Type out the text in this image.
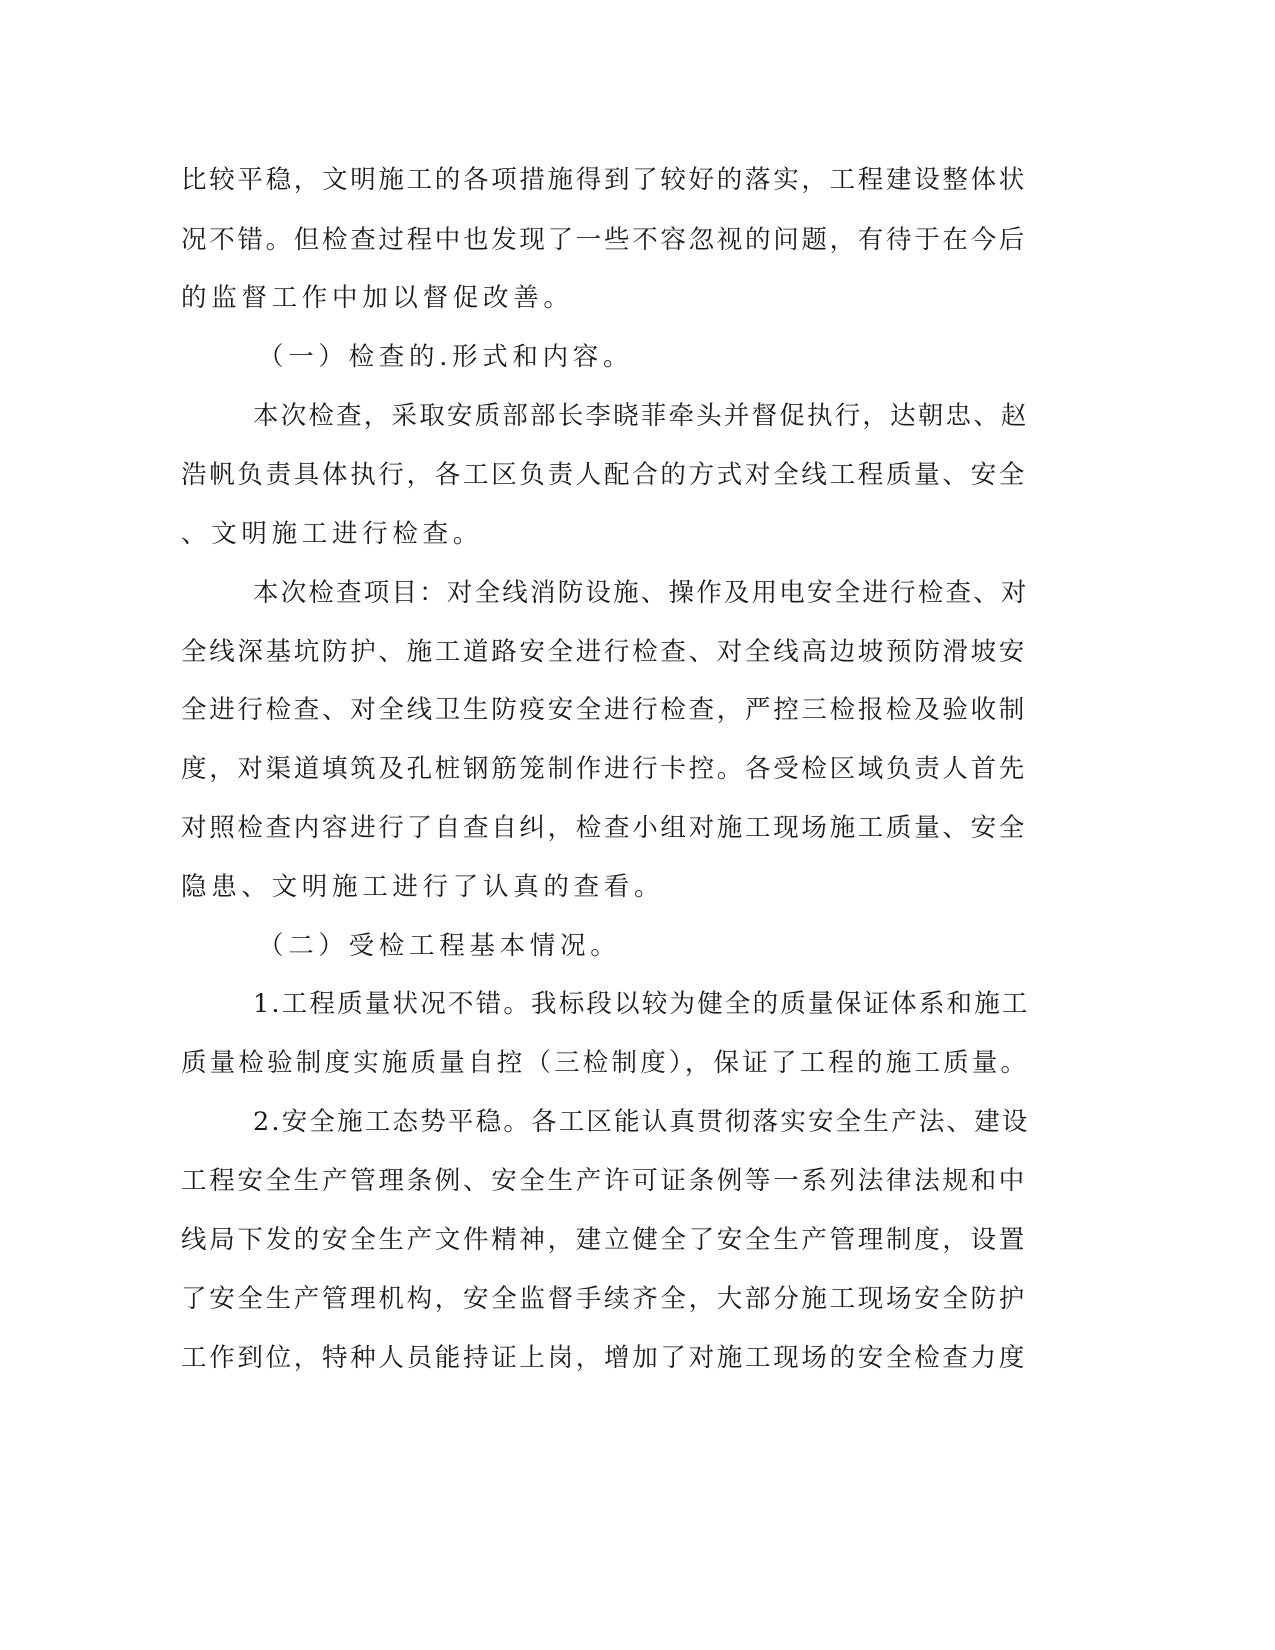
比较平稳，文明施工的各项措施得到了较好的落实，工程建设整体状
况不错。但检查过程中也发现了一些不容忽视的问题，有待于在今后
的监督工作中加以督促改善。
（一）检查的.形式和内容。
本次检查，采取安质部部长李晓菲牵头并督促执行，达朝忠、赵
浩帆负责具体执行，各工区负责人配合的方式对全线工程质量、安全
、文明施工进行检查。
本次检查项目：对全线消防设施、操作及用电安全进行检查、对
全线深基坑防护、施工道路安全进行检查、对全线高边坡预防滑坡安
全进行检查、对全线卫生防疫安全进行检查，严控三检报检及验收制
度，对渠道填筑及孔桩钢筋笼制作进行卡控。各受检区域负责人首先
对照检查内容进行了自查自纠，检查小组对施工现场施工质量、安全
隐患、文明施工进行了认真的查看。
（二）受检工程基本情况。
1.工程质量状况不错。我标段以较为健全的质量保证体系和施工
质量检验制度实施质量自控（三检制度），保证了工程的施工质量。
2.安全施工态势平稳。各工区能认真贯彻落实安全生产法、建设
工程安全生产管理条例、安全生产许可证条例等一系列法律法规和中
线局下发的安全生产文件精神，建立健全了安全生产管理制度，设置
了安全生产管理机构，安全监督手续齐全，大部分施工现场安全防护
工作到位，特种人员能持证上岗，增加了对施工现场的安全检查力度
